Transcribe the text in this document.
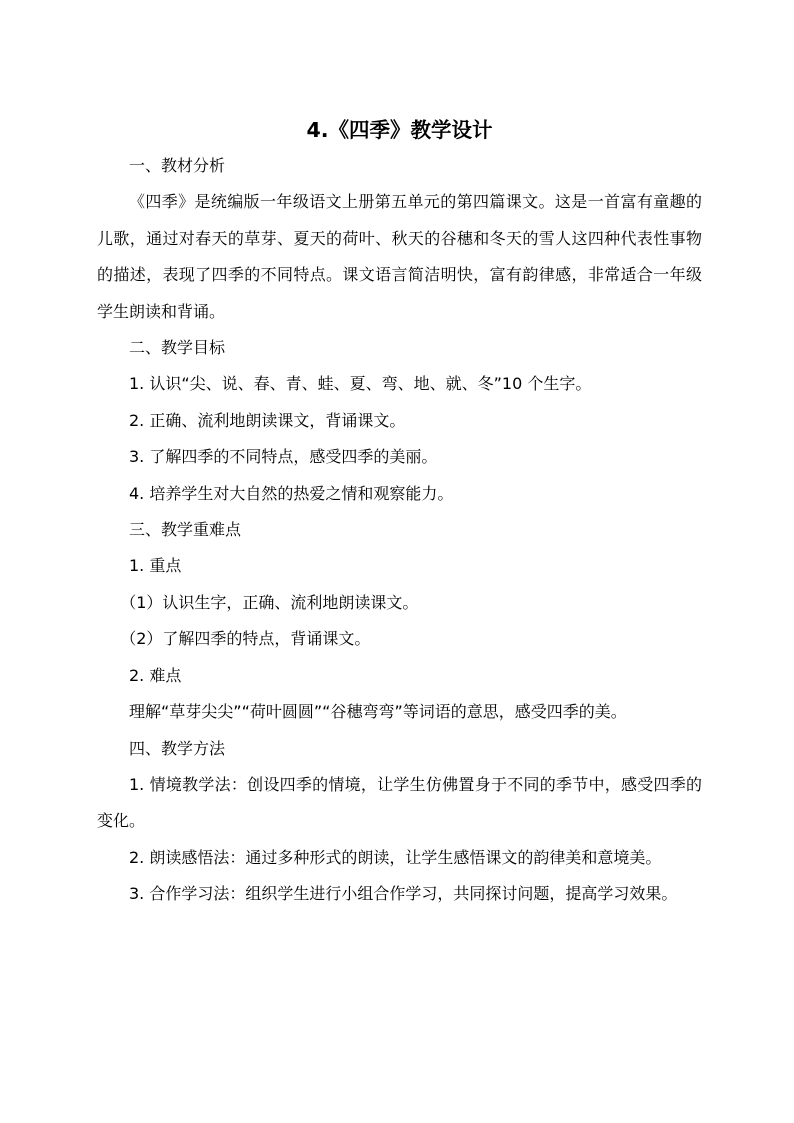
4.《四季》教学设计

一、教材分析

《四季》是统编版一年级语文上册第五单元的第四篇课文。这是一首富有童趣的儿歌，通过对春天的草芽、夏天的荷叶、秋天的谷穗和冬天的雪人这四种代表性事物的描述，表现了四季的不同特点。课文语言简洁明快，富有韵律感，非常适合一年级学生朗读和背诵。

二、教学目标

1. 认识“尖、说、春、青、蛙、夏、弯、地、就、冬”10 个生字。

2. 正确、流利地朗读课文，背诵课文。

3. 了解四季的不同特点，感受四季的美丽。

4. 培养学生对大自然的热爱之情和观察能力。

三、教学重难点

1. 重点

（1）认识生字，正确、流利地朗读课文。

（2）了解四季的特点，背诵课文。

2. 难点

理解“草芽尖尖”“荷叶圆圆”“谷穗弯弯”等词语的意思，感受四季的美。

四、教学方法

1. 情境教学法：创设四季的情境，让学生仿佛置身于不同的季节中，感受四季的变化。

2. 朗读感悟法：通过多种形式的朗读，让学生感悟课文的韵律美和意境美。

3. 合作学习法：组织学生进行小组合作学习，共同探讨问题，提高学习效果。
